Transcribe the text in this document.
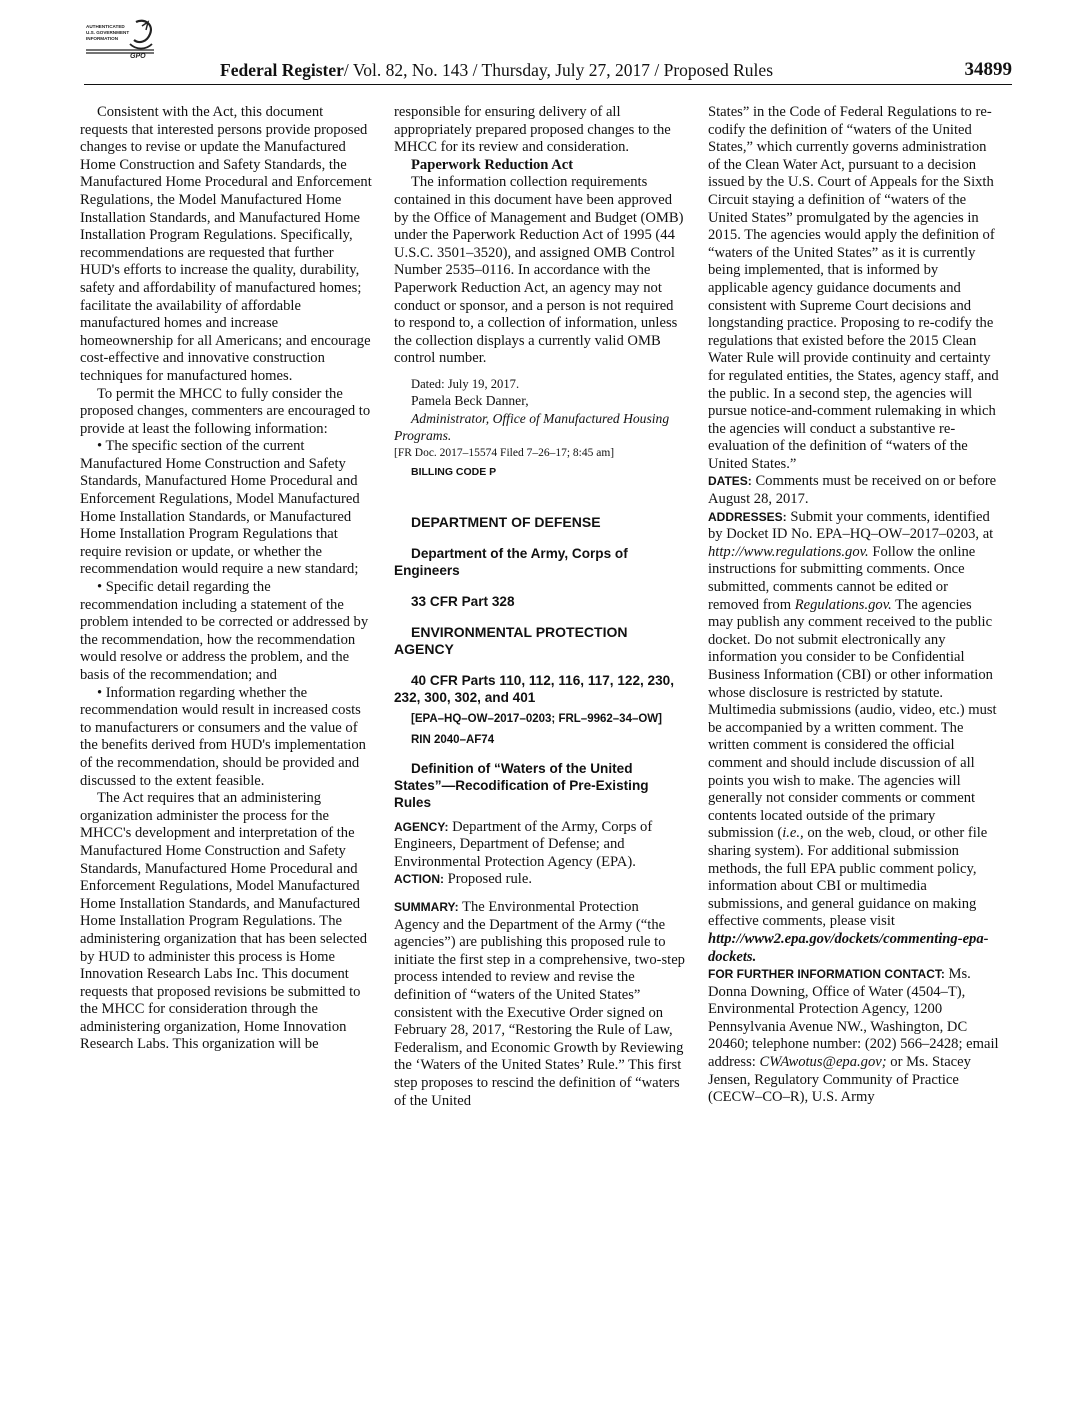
AUTHENTICATED
U.S. GOVERNMENT
INFORMATION
GPO
Federal Register/ Vol. 82, No. 143 / Thursday, July 27, 2017 / Proposed Rules	34899

Consistent with the Act, this document requests that interested persons provide proposed changes to revise or update the Manufactured Home Construction and Safety Standards, the Manufactured Home Procedural and Enforcement Regulations, the Model Manufactured Home Installation Standards, and Manufactured Home Installation Program Regulations. Specifically, recommendations are requested that further HUD's efforts to increase the quality, durability, safety and affordability of manufactured homes; facilitate the availability of affordable manufactured homes and increase homeownership for all Americans; and encourage cost-effective and innovative construction techniques for manufactured homes.

To permit the MHCC to fully consider the proposed changes, commenters are encouraged to provide at least the following information:

• The specific section of the current Manufactured Home Construction and Safety Standards, Manufactured Home Procedural and Enforcement Regulations, Model Manufactured Home Installation Standards, or Manufactured Home Installation Program Regulations that require revision or update, or whether the recommendation would require a new standard;

• Specific detail regarding the recommendation including a statement of the problem intended to be corrected or addressed by the recommendation, how the recommendation would resolve or address the problem, and the basis of the recommendation; and

• Information regarding whether the recommendation would result in increased costs to manufacturers or consumers and the value of the benefits derived from HUD's implementation of the recommendation, should be provided and discussed to the extent feasible.

The Act requires that an administering organization administer the process for the MHCC's development and interpretation of the Manufactured Home Construction and Safety Standards, Manufactured Home Procedural and Enforcement Regulations, Model Manufactured Home Installation Standards, and Manufactured Home Installation Program Regulations. The administering organization that has been selected by HUD to administer this process is Home Innovation Research Labs Inc. This document requests that proposed revisions be submitted to the MHCC for consideration through the administering organization, Home Innovation Research Labs. This organization will be

responsible for ensuring delivery of all appropriately prepared proposed changes to the MHCC for its review and consideration.

Paperwork Reduction Act

The information collection requirements contained in this document have been approved by the Office of Management and Budget (OMB) under the Paperwork Reduction Act of 1995 (44 U.S.C. 3501–3520), and assigned OMB Control Number 2535–0116. In accordance with the Paperwork Reduction Act, an agency may not conduct or sponsor, and a person is not required to respond to, a collection of information, unless the collection displays a currently valid OMB control number.

Dated: July 19, 2017.

Pamela Beck Danner,

Administrator, Office of Manufactured Housing Programs.

[FR Doc. 2017–15574 Filed 7–26–17; 8:45 am]

BILLING CODE P

DEPARTMENT OF DEFENSE

Department of the Army, Corps of Engineers

33 CFR Part 328

ENVIRONMENTAL PROTECTION AGENCY

40 CFR Parts 110, 112, 116, 117, 122, 230, 232, 300, 302, and 401

[EPA–HQ–OW–2017–0203; FRL–9962–34–OW]

RIN 2040–AF74

Definition of “Waters of the United States”—Recodification of Pre-Existing Rules

AGENCY: Department of the Army, Corps of Engineers, Department of Defense; and Environmental Protection Agency (EPA).

ACTION: Proposed rule.

SUMMARY: The Environmental Protection Agency and the Department of the Army (“the agencies”) are publishing this proposed rule to initiate the first step in a comprehensive, two-step process intended to review and revise the definition of “waters of the United States” consistent with the Executive Order signed on February 28, 2017, “Restoring the Rule of Law, Federalism, and Economic Growth by Reviewing the ‘Waters of the United States’ Rule.” This first step proposes to rescind the definition of “waters of the United

States” in the Code of Federal Regulations to re-codify the definition of “waters of the United States,” which currently governs administration of the Clean Water Act, pursuant to a decision issued by the U.S. Court of Appeals for the Sixth Circuit staying a definition of “waters of the United States” promulgated by the agencies in 2015. The agencies would apply the definition of “waters of the United States” as it is currently being implemented, that is informed by applicable agency guidance documents and consistent with Supreme Court decisions and longstanding practice. Proposing to re-codify the regulations that existed before the 2015 Clean Water Rule will provide continuity and certainty for regulated entities, the States, agency staff, and the public. In a second step, the agencies will pursue notice-and-comment rulemaking in which the agencies will conduct a substantive re-evaluation of the definition of “waters of the United States.”

DATES: Comments must be received on or before August 28, 2017.

ADDRESSES: Submit your comments, identified by Docket ID No. EPA–HQ–OW–2017–0203, at http://www.regulations.gov. Follow the online instructions for submitting comments. Once submitted, comments cannot be edited or removed from Regulations.gov. The agencies may publish any comment received to the public docket. Do not submit electronically any information you consider to be Confidential Business Information (CBI) or other information whose disclosure is restricted by statute. Multimedia submissions (audio, video, etc.) must be accompanied by a written comment. The written comment is considered the official comment and should include discussion of all points you wish to make. The agencies will generally not consider comments or comment contents located outside of the primary submission (i.e., on the web, cloud, or other file sharing system). For additional submission methods, the full EPA public comment policy, information about CBI or multimedia submissions, and general guidance on making effective comments, please visit http://www2.epa.gov/dockets/commenting-epa-dockets.

FOR FURTHER INFORMATION CONTACT: Ms. Donna Downing, Office of Water (4504–T), Environmental Protection Agency, 1200 Pennsylvania Avenue NW., Washington, DC 20460; telephone number: (202) 566–2428; email address: CWAwotus@epa.gov; or Ms. Stacey Jensen, Regulatory Community of Practice (CECW–CO–R), U.S. Army
